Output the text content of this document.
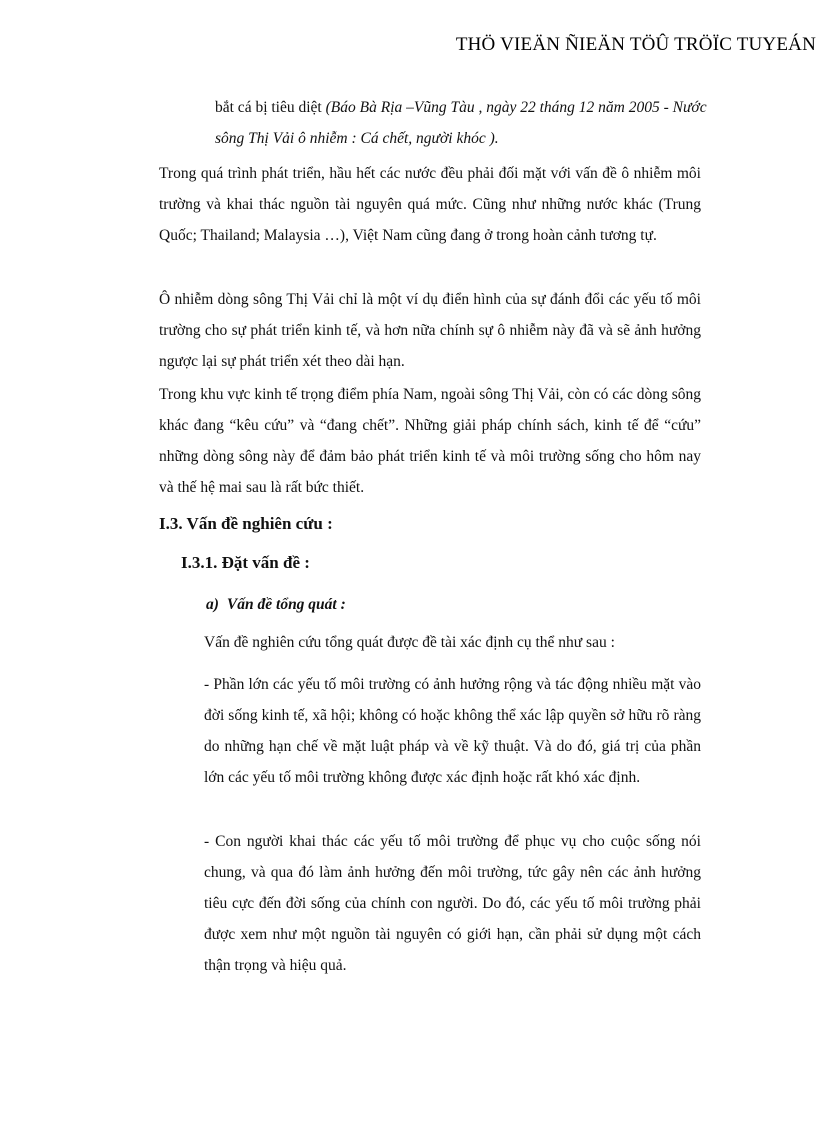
THÖ VIEÄN ÑIEÄN TÖÛ TRÖÏC TUYEÁN
bắt cá bị tiêu diệt (Báo Bà Rịa –Vũng Tàu , ngày 22 tháng 12 năm 2005 - Nước sông Thị Vải ô nhiễm : Cá chết, người khóc ).

Trong quá trình phát triển, hầu hết các nước đều phải đối mặt với vấn đề ô nhiễm môi trường và khai thác nguồn tài nguyên quá mức. Cũng như những nước khác (Trung Quốc; Thailand; Malaysia …), Việt Nam cũng đang ở trong hoàn cảnh tương tự.

Ô nhiễm dòng sông Thị Vải chỉ là một ví dụ điển hình của sự đánh đổi các yếu tố môi trường cho sự phát triển kinh tế, và hơn nữa chính sự ô nhiễm này đã và sẽ ảnh hưởng ngược lại sự phát triển xét theo dài hạn.

Trong khu vực kinh tế trọng điểm phía Nam, ngoài sông Thị Vải, còn có các dòng sông khác đang “kêu cứu” và “đang chết”. Những giải pháp chính sách, kinh tế để “cứu” những dòng sông này để đảm bảo phát triển kinh tế và môi trường sống cho hôm nay và thế hệ mai sau là rất bức thiết.

I.3. Vấn đề nghiên cứu :
I.3.1. Đặt vấn đề :
a) Vấn đề tổng quát :

Vấn đề nghiên cứu tổng quát được đề tài xác định cụ thể như sau :

- Phần lớn các yếu tố môi trường có ảnh hưởng rộng và tác động nhiều mặt vào đời sống kinh tế, xã hội; không có hoặc không thể xác lập quyền sở hữu rõ ràng do những hạn chế về mặt luật pháp và về kỹ thuật. Và do đó, giá trị của phần lớn các yếu tố môi trường không được xác định hoặc rất khó xác định.

- Con người khai thác các yếu tố môi trường để phục vụ cho cuộc sống nói chung, và qua đó làm ảnh hưởng đến môi trường, tức gây nên các ảnh hưởng tiêu cực đến đời sống của chính con người. Do đó, các yếu tố môi trường phải được xem như một nguồn tài nguyên có giới hạn, cần phải sử dụng một cách thận trọng và hiệu quả.
